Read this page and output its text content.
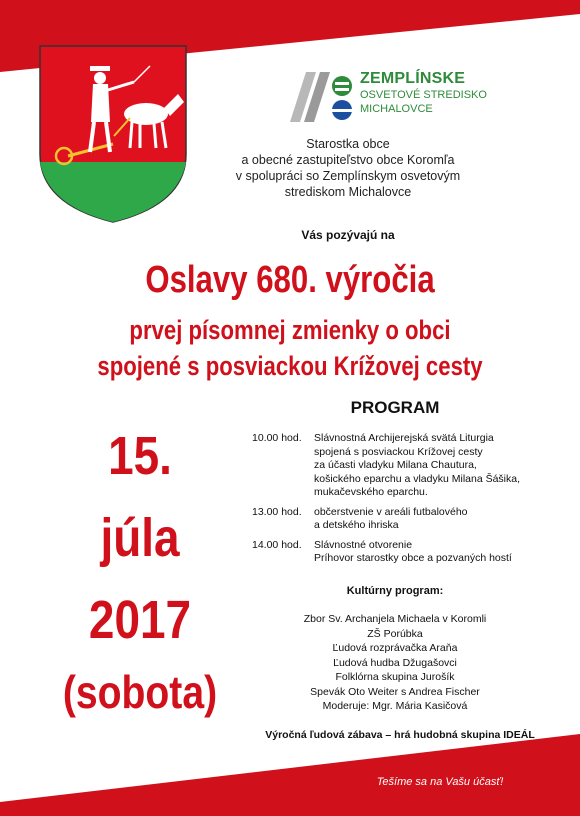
ZEMPLÍNSKE
OSVETOVÉ STREDISKO
MICHALOVCE
Starostka obce
a obecné zastupiteľstvo obce Koromľa
v spolupráci so Zemplínskym osvetovým
strediskom Michalovce
Vás pozývajú na
Oslavy 680. výročia
prvej písomnej zmienky o obci
spojené s posviackou Krížovej cesty
PROGRAM
15.
júla
2017
(sobota)
10.00 hod.	Slávnostná Archijerejská svätá Liturgia
spojená s posviackou Krížovej cesty
za účasti vladyku Milana Chautura,
košického eparchu a vladyku Milana Šášika,
mukačevského eparchu.
13.00 hod.	občerstvenie v areáli futbalového
a detského ihriska
14.00 hod.	Slávnostné otvorenie
Príhovor starostky obce a pozvaných hostí
Kultúrny program:
Zbor Sv. Archanjela Michaela v Koromli
ZŠ Porúbka
Ľudová rozprávačka Araňa
Ľudová hudba Džugašovci
Folklórna skupina Jurošík
Spevák Oto Weiter s Andrea Fischer
Moderuje: Mgr. Mária Kasičová
Výročná ľudová zábava – hrá hudobná skupina IDEÁL
Tešíme sa na Vašu účasť!
